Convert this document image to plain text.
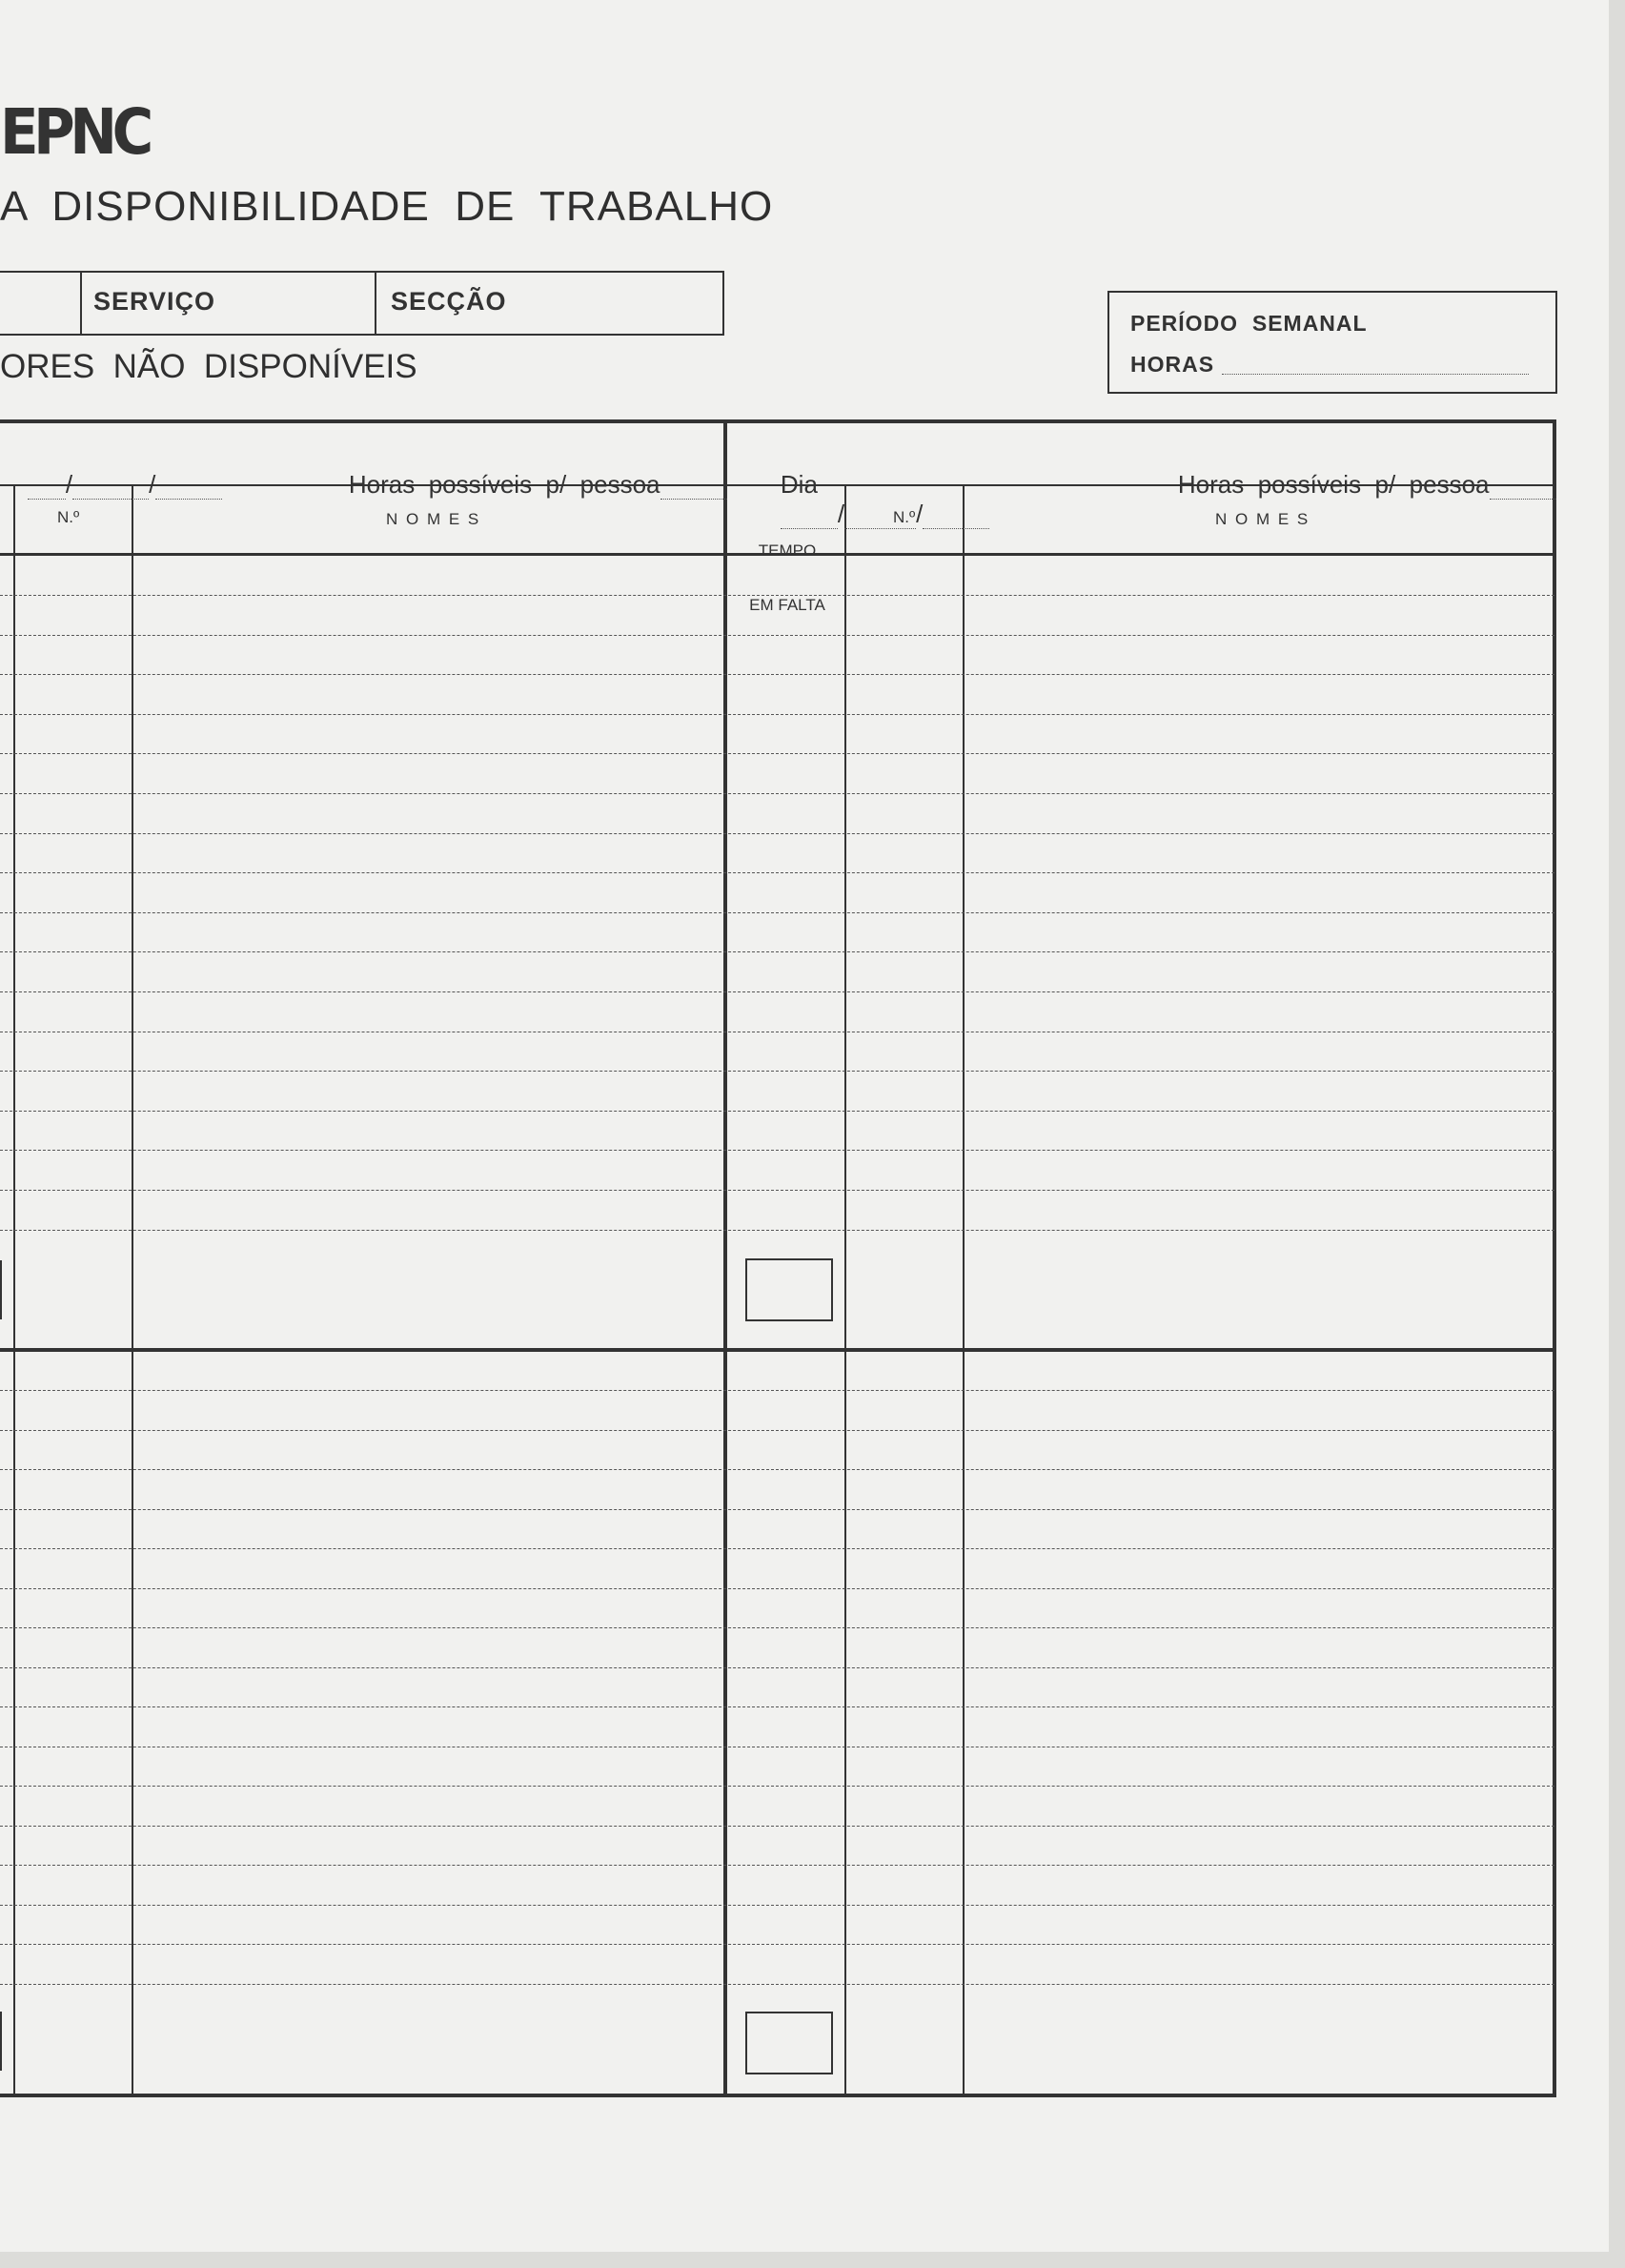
EPNC
A  DISPONIBILIDADE  DE  TRABALHO
SERVIÇO	SECÇÃO
ORES  NÃO  DISPONÍVEIS
PERÍODO  SEMANAL
HORAS

/	/
	Horas  possíveis  p/  pessoa

N.º	N O M E S

Dia
/	/

Horas  possíveis  p/  pessoa

TEMPO

EM FALTA

N.º	N O M E S
